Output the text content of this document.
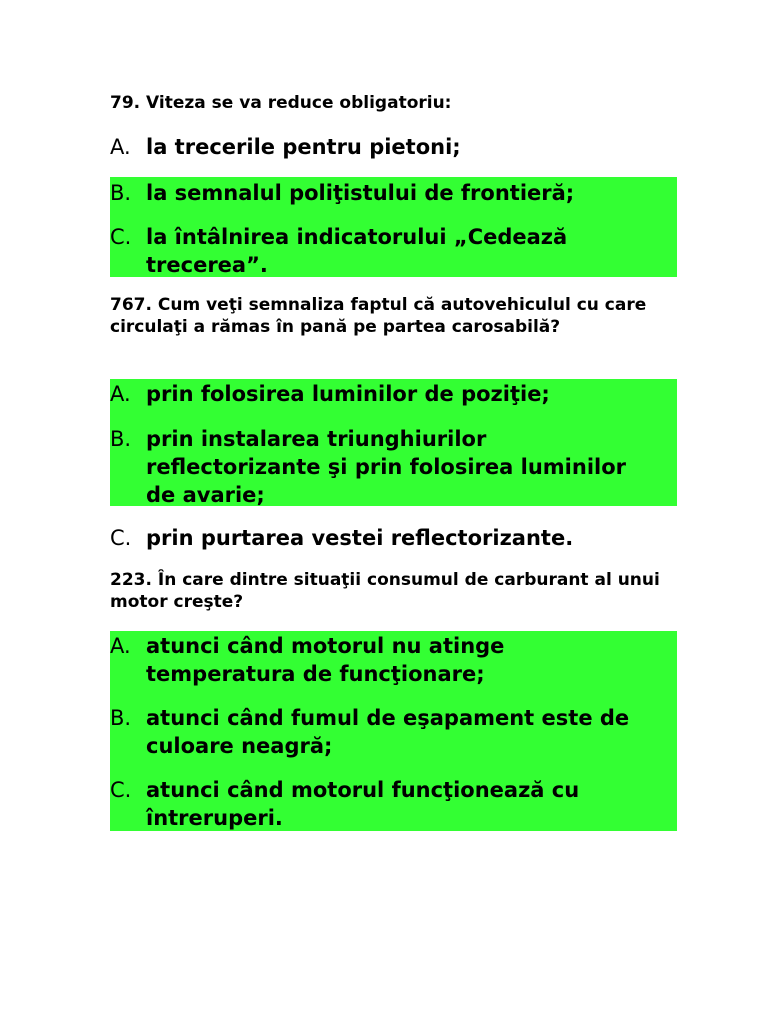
79. Viteza se va reduce obligatoriu:
A. la trecerile pentru pietoni;
B. la semnalul poliţistului de frontieră;
C. la întâlnirea indicatorului „Cedează trecerea”.
767. Cum veţi semnaliza faptul că autovehiculul cu care circulaţi a rămas în pană pe partea carosabilă?
A. prin folosirea luminilor de poziţie;
B. prin instalarea triunghiurilor reflectorizante şi prin folosirea luminilor de avarie;
C. prin purtarea vestei reflectorizante.
223. În care dintre situaţii consumul de carburant al unui motor creşte?
A. atunci când motorul nu atinge temperatura de funcţionare;
B. atunci când fumul de eşapament este de culoare neagră;
C. atunci când motorul funcţionează cu întreruperi.
